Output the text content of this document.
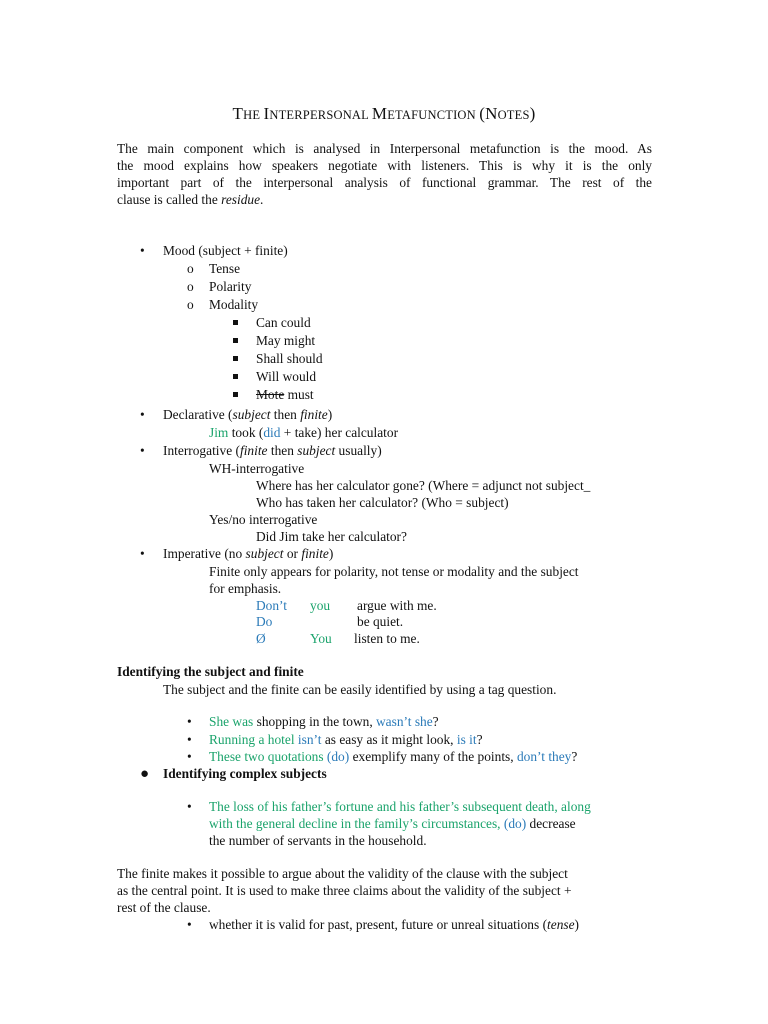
THE INTERPERSONAL METAFUNCTION (NOTES)
The main component which is analysed in Interpersonal metafunction is the mood. As
the mood explains how speakers negotiate with listeners. This is why it is the only
important part of the interpersonal analysis of functional grammar. The rest of the
clause is called the residue.
• Mood (subject + finite)
o Tense
o Polarity
o Modality
Can could
May might
Shall should
Will would
Mote must
• Declarative (subject then finite)
Jim took (did + take) her calculator
• Interrogative (finite then subject usually)
WH-interrogative
Where has her calculator gone? (Where = adjunct not subject_
Who has taken her calculator? (Who = subject)
Yes/no interrogative
Did Jim take her calculator?
• Imperative (no subject or finite)
Finite only appears for polarity, not tense or modality and the subject
for emphasis.
Don’t you argue with me.
Do	be quiet.
Ø	You listen to me.
Identifying the subject and finite
The subject and the finite can be easily identified by using a tag question.
• She was shopping in the town, wasn’t she?
• Running a hotel isn’t as easy as it might look, is it?
• These two quotations (do) exemplify many of the points, don’t they?
● Identifying complex subjects
• The loss of his father’s fortune and his father’s subsequent death, along
with the general decline in the family’s circumstances, (do) decrease
the number of servants in the household.
The finite makes it possible to argue about the validity of the clause with the subject
as the central point. It is used to make three claims about the validity of the subject +
rest of the clause.
• whether it is valid for past, present, future or unreal situations (tense)
